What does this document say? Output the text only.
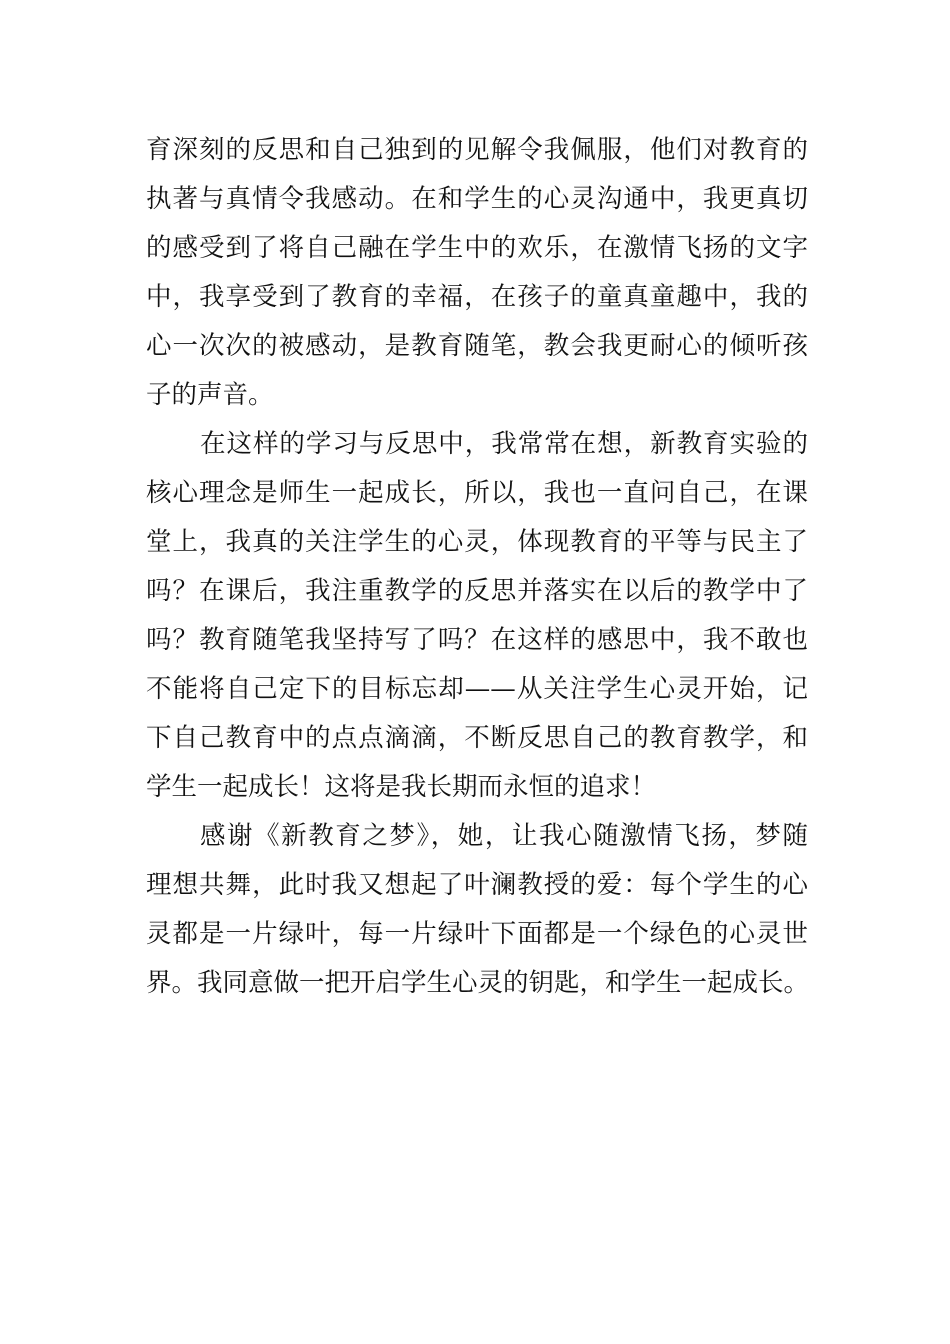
育深刻的反思和自己独到的见解令我佩服，他们对教育的
执著与真情令我感动。在和学生的心灵沟通中，我更真切
的感受到了将自己融在学生中的欢乐，在激情飞扬的文字
中，我享受到了教育的幸福，在孩子的童真童趣中，我的
心一次次的被感动，是教育随笔，教会我更耐心的倾听孩
子的声音。
在这样的学习与反思中，我常常在想，新教育实验的
核心理念是师生一起成长，所以，我也一直问自己，在课
堂上，我真的关注学生的心灵，体现教育的平等与民主了
吗？在课后，我注重教学的反思并落实在以后的教学中了
吗？教育随笔我坚持写了吗？在这样的感思中，我不敢也
不能将自己定下的目标忘却——从关注学生心灵开始，记
下自己教育中的点点滴滴，不断反思自己的教育教学，和
学生一起成长！这将是我长期而永恒的追求！
感谢《新教育之梦》，她，让我心随激情飞扬，梦随
理想共舞，此时我又想起了叶澜教授的爱：每个学生的心
灵都是一片绿叶，每一片绿叶下面都是一个绿色的心灵世
界。我同意做一把开启学生心灵的钥匙，和学生一起成长。
